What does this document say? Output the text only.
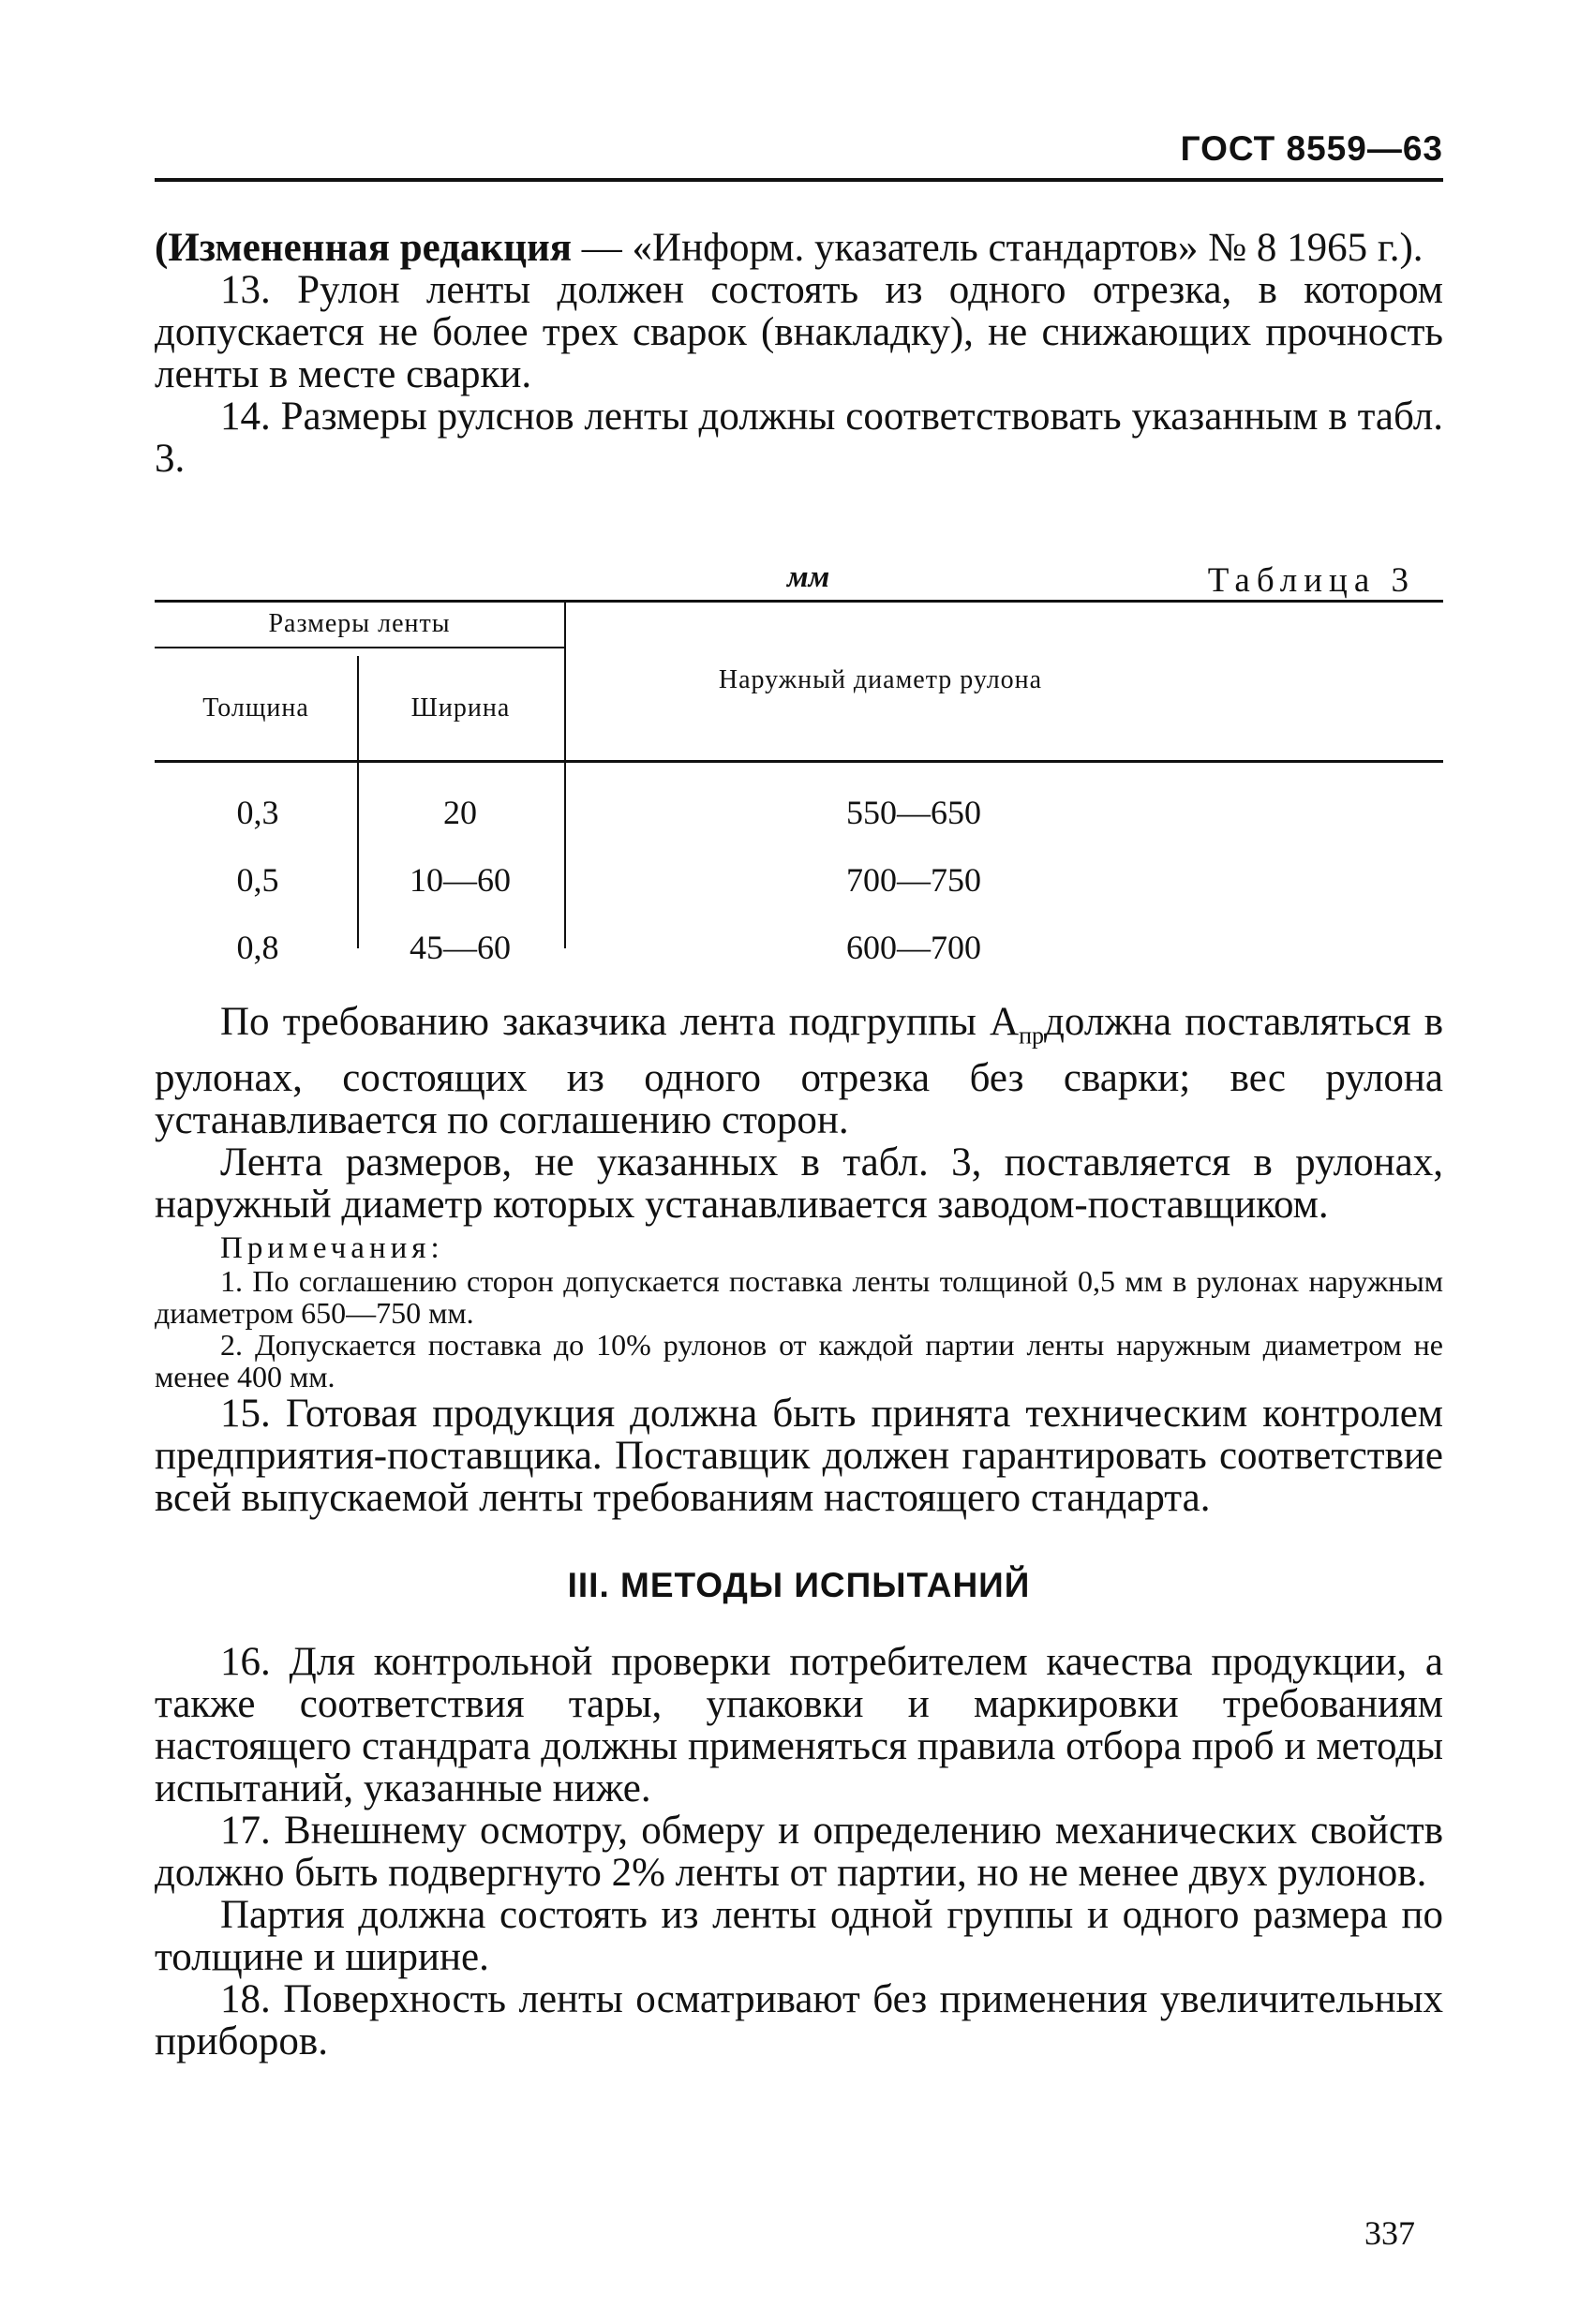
ГОСТ 8559—63

(Измененная редакция — «Информ. указатель стандартов» № 8 1965 г.).

13. Рулон ленты должен состоять из одного отрезка, в котором допускается не более трех сварок (внакладку), не снижающих прочность ленты в месте сварки.

14. Размеры рулснов ленты должны соответствовать указанным в табл. 3.

мм	Таблица 3
Размеры ленты
Толщина	Ширина
Наружный диаметр рулона
0,3	20	550—650
0,5	10—60	700—750
0,8	45—60	600—700

По требованию заказчика лента подгруппы $А_{пр}должна$ поставляться в рулонах, состоящих из одного отрезка без сварки; вес рулона устанавливается по соглашению сторон.

Лента размеров, не указанных в табл. 3, поставляется в рулонах, наружный диаметр которых устанавливается заводом-поставщиком.

Примечания:

1. По соглашению сторон допускается поставка ленты толщиной 0,5 мм в рулонах наружным диаметром 650—750 мм.

2. Допускается поставка до 10% рулонов от каждой партии ленты наружным диаметром не менее 400 мм.

15. Готовая продукция должна быть принята техническим контролем предприятия-поставщика. Поставщик должен гарантировать соответствие всей выпускаемой ленты требованиям настоящего стандарта.

III. МЕТОДЫ ИСПЫТАНИЙ

16. Для контрольной проверки потребителем качества продукции, а также соответствия тары, упаковки и маркировки требованиям настоящего стандрата должны применяться правила отбора проб и методы испытаний, указанные ниже.

17. Внешнему осмотру, обмеру и определению механических свойств должно быть подвергнуто 2% ленты от партии, но не менее двух рулонов.

Партия должна состоять из ленты одной группы и одного размера по толщине и ширине.

18. Поверхность ленты осматривают без применения увеличительных приборов.

337
